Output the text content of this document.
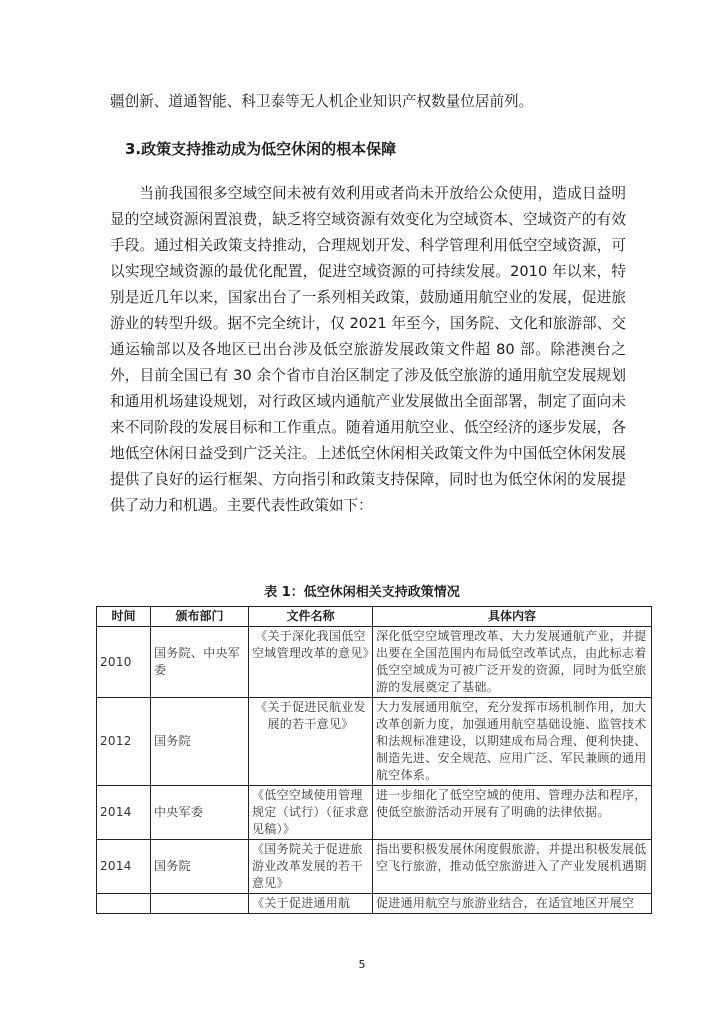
疆创新、道通智能、科卫泰等无人机企业知识产权数量位居前列。

3.政策支持推动成为低空休闲的根本保障

当前我国很多空域空间未被有效利用或者尚未开放给公众使用，造成日益明显的空域资源闲置浪费，缺乏将空域资源有效变化为空域资本、空域资产的有效手段。通过相关政策支持推动，合理规划开发、科学管理利用低空空域资源，可以实现空域资源的最优化配置，促进空域资源的可持续发展。2010 年以来，特别是近几年以来，国家出台了一系列相关政策，鼓励通用航空业的发展，促进旅游业的转型升级。据不完全统计，仅 2021 年至今，国务院、文化和旅游部、交通运输部以及各地区已出台涉及低空旅游发展政策文件超 80 部。除港澳台之外，目前全国已有 30 余个省市自治区制定了涉及低空旅游的通用航空发展规划和通用机场建设规划，对行政区域内通航产业发展做出全面部署，制定了面向未来不同阶段的发展目标和工作重点。随着通用航空业、低空经济的逐步发展，各地低空休闲日益受到广泛关注。上述低空休闲相关政策文件为中国低空休闲发展提供了良好的运行框架、方向指引和政策支持保障，同时也为低空休闲的发展提供了动力和机遇。主要代表性政策如下：

表 1：低空休闲相关支持政策情况

时间	颁布部门	文件名称	具体内容
2010	国务院、中央军委	《关于深化我国低空空域管理改革的意见》	深化低空空域管理改革、大力发展通航产业，并提出要在全国范围内布局低空改革试点，由此标志着低空空域成为可被广泛开发的资源，同时为低空旅游的发展奠定了基础。
2012	国务院	《关于促进民航业发展的若干意见》	大力发展通用航空，充分发挥市场机制作用，加大改革创新力度，加强通用航空基础设施、监管技术和法规标准建设，以期建成布局合理、便利快捷、制造先进、安全规范、应用广泛、军民兼顾的通用航空体系。
2014	中央军委	《低空空域使用管理规定（试行）（征求意见稿）》	进一步细化了低空空域的使用、管理办法和程序，使低空旅游活动开展有了明确的法律依据。
2014	国务院	《国务院关于促进旅游业改革发展的若干意见》	指出要积极发展休闲度假旅游，并提出积极发展低空飞行旅游，推动低空旅游进入了产业发展机遇期
		《关于促进通用航	促进通用航空与旅游业结合，在适宜地区开展空

5
